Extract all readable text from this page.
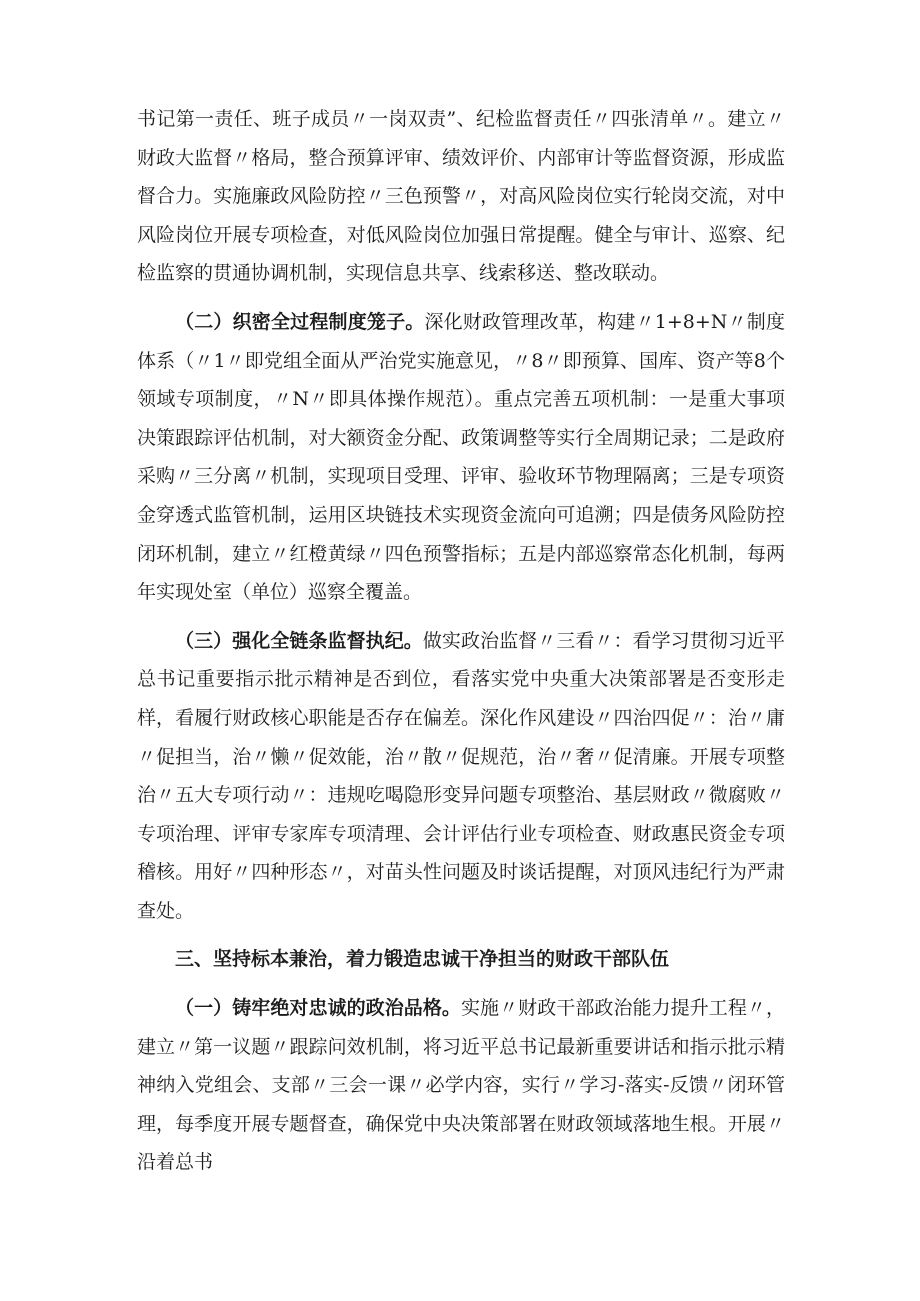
书记第一责任、班子成员〃一岗双责”、纪检监督责任〃四张清单〃。建立〃财政大监督〃格局，整合预算评审、绩效评价、内部审计等监督资源，形成监督合力。实施廉政风险防控〃三色预警〃，对高风险岗位实行轮岗交流，对中风险岗位开展专项检查，对低风险岗位加强日常提醒。健全与审计、巡察、纪检监察的贯通协调机制，实现信息共享、线索移送、整改联动。

（二）织密全过程制度笼子。深化财政管理改革，构建〃1+8+N〃制度体系（〃1〃即党组全面从严治党实施意见，〃8〃即预算、国库、资产等8个领域专项制度，〃N〃即具体操作规范）。重点完善五项机制：一是重大事项决策跟踪评估机制，对大额资金分配、政策调整等实行全周期记录；二是政府采购〃三分离〃机制，实现项目受理、评审、验收环节物理隔离；三是专项资金穿透式监管机制，运用区块链技术实现资金流向可追溯；四是债务风险防控闭环机制，建立〃红橙黄绿〃四色预警指标；五是内部巡察常态化机制，每两年实现处室（单位）巡察全覆盖。

（三）强化全链条监督执纪。做实政治监督〃三看〃：看学习贯彻习近平总书记重要指示批示精神是否到位，看落实党中央重大决策部署是否变形走样，看履行财政核心职能是否存在偏差。深化作风建设〃四治四促〃：治〃庸〃促担当，治〃懒〃促效能，治〃散〃促规范，治〃奢〃促清廉。开展专项整治〃五大专项行动〃：违规吃喝隐形变异问题专项整治、基层财政〃微腐败〃专项治理、评审专家库专项清理、会计评估行业专项检查、财政惠民资金专项稽核。用好〃四种形态〃，对苗头性问题及时谈话提醒，对顶风违纪行为严肃查处。

三、坚持标本兼治，着力锻造忠诚干净担当的财政干部队伍

（一）铸牢绝对忠诚的政治品格。实施〃财政干部政治能力提升工程〃，建立〃第一议题〃跟踪问效机制，将习近平总书记最新重要讲话和指示批示精神纳入党组会、支部〃三会一课〃必学内容，实行〃学习-落实-反馈〃闭环管理，每季度开展专题督查，确保党中央决策部署在财政领域落地生根。开展〃沿着总书
